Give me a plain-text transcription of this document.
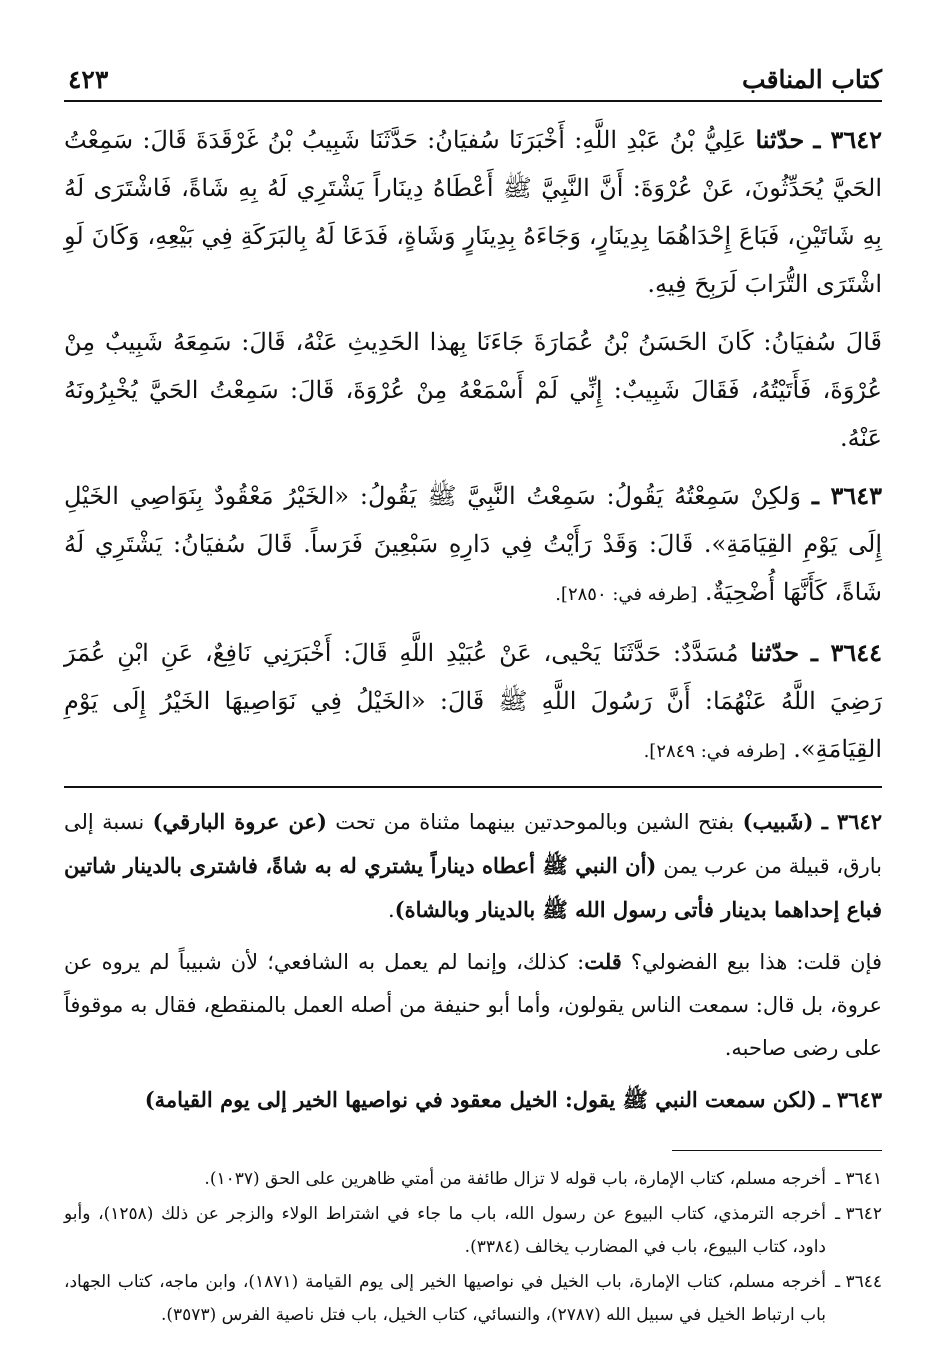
كتاب المناقب
٤٢٣

٣٦٤٢ ـ حدّثنا عَلِيُّ بْنُ عَبْدِ اللَّهِ: أَخْبَرَنَا سُفيَانُ: حَدَّثَنَا شَبِيبُ بْنُ غَرْقَدَةَ قَالَ: سَمِعْتُ الحَيَّ يُحَدِّثُونَ، عَنْ عُرْوَةَ: أَنَّ النَّبِيَّ ﷺ أَعْطَاهُ دِينَاراً يَشْتَرِي لَهُ بِهِ شَاةً، فَاشْتَرَى لَهُ بِهِ شَاتَيْنِ، فَبَاعَ إِحْدَاهُمَا بِدِينَارٍ، وَجَاءَهُ بِدِينَارٍ وَشَاةٍ، فَدَعَا لَهُ بِالبَرَكَةِ فِي بَيْعِهِ، وَكَانَ لَوِ اشْتَرَى التُّرَابَ لَرَبِحَ فِيهِ.

قَالَ سُفيَانُ: كَانَ الحَسَنُ بْنُ عُمَارَةَ جَاءَنَا بِهذا الحَدِيثِ عَنْهُ، قَالَ: سَمِعَهُ شَبِيبٌ مِنْ عُرْوَةَ، فَأَتَيْتُهُ، فَقَالَ شَبِيبٌ: إِنِّي لَمْ أَسْمَعْهُ مِنْ عُرْوَةَ، قَالَ: سَمِعْتُ الحَيَّ يُخْبِرُونَهُ عَنْهُ.

٣٦٤٣ ـ وَلكِنْ سَمِعْتُهُ يَقُولُ: سَمِعْتُ النَّبِيَّ ﷺ يَقُولُ: «الخَيْرُ مَعْقُودٌ بِنَوَاصِي الخَيْلِ إِلَى يَوْمِ القِيَامَةِ». قَالَ: وَقَدْ رَأَيْتُ فِي دَارِهِ سَبْعِينَ فَرَساً. قَالَ سُفيَانُ: يَشْتَرِي لَهُ شَاةً، كَأَنَّهَا أُضْحِيَةٌ. [طرفه في: ٢٨٥٠].

٣٦٤٤ ـ حدّثنا مُسَدَّدٌ: حَدَّثَنَا يَحْيى، عَنْ عُبَيْدِ اللَّهِ قَالَ: أَخْبَرَنِي نَافِعٌ، عَنِ ابْنِ عُمَرَ رَضِيَ اللَّهُ عَنْهُمَا: أَنَّ رَسُولَ اللَّهِ ﷺ قَالَ: «الخَيْلُ فِي نَوَاصِيهَا الخَيْرُ إِلَى يَوْمِ القِيَامَةِ». [طرفه في: ٢٨٤٩].

٣٦٤٢ ـ (شَبيب) بفتح الشين وبالموحدتين بينهما مثناة من تحت (عن عروة البارقي) نسبة إلى بارق، قبيلة من عرب يمن (أن النبي ﷺ أعطاه ديناراً يشتري له به شاةً، فاشترى بالدينار شاتين فباع إحداهما بدينار فأتى رسول الله ﷺ بالدينار وبالشاة).

فإن قلت: هذا بيع الفضولي؟ قلت: كذلك، وإنما لم يعمل به الشافعي؛ لأن شبيباً لم يروه عن عروة، بل قال: سمعت الناس يقولون، وأما أبو حنيفة من أصله العمل بالمنقطع، فقال به موقوفاً على رضى صاحبه.

٣٦٤٣ ـ (لكن سمعت النبي ﷺ يقول: الخيل معقود في نواصيها الخير إلى يوم القيامة)

٣٦٤١ ـ
أخرجه مسلم، كتاب الإمارة، باب قوله لا تزال طائفة من أمتي ظاهرين على الحق (١٠٣٧).
٣٦٤٢ ـ
أخرجه الترمذي، كتاب البيوع عن رسول الله، باب ما جاء في اشتراط الولاء والزجر عن ذلك (١٢٥٨)، وأبو داود، كتاب البيوع، باب في المضارب يخالف (٣٣٨٤).
٣٦٤٤ ـ
أخرجه مسلم، كتاب الإمارة، باب الخيل في نواصيها الخير إلى يوم القيامة (١٨٧١)، وابن ماجه، كتاب الجهاد، باب ارتباط الخيل في سبيل الله (٢٧٨٧)، والنسائي، كتاب الخيل، باب فتل ناصية الفرس (٣٥٧٣).
